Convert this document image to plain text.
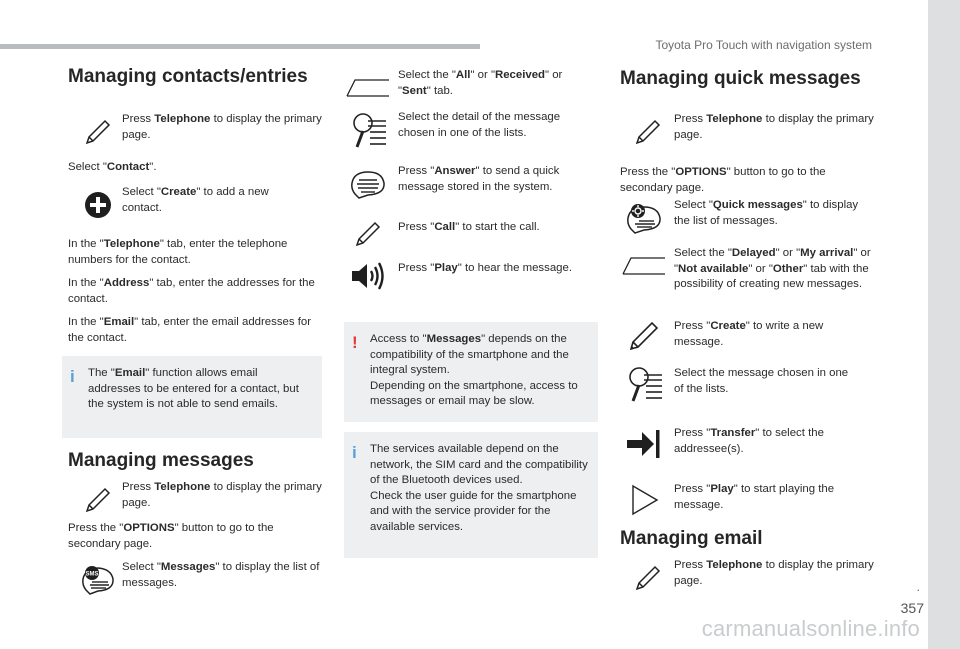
Toyota Pro Touch with navigation system
.
357
carmanualsonline.info
Managing contacts/entries
Press Telephone to display the primary page.

Select "Contact".

Select "Create" to add a new contact.

In the "Telephone" tab, enter the telephone numbers for the contact.

In the "Address" tab, enter the addresses for the contact.

In the "Email" tab, enter the email addresses for the contact.

i The "Email" function allows email addresses to be entered for a contact, but the system is not able to send emails.
Managing messages
Press Telephone to display the primary page.

Press the "OPTIONS" button to go to the secondary page.

SMS
Select "Messages" to display the list of messages.
Select the "All" or "Received" or "Sent" tab.
Select the detail of the message chosen in one of the lists.
Press "Answer" to send a quick message stored in the system.
Press "Call" to start the call.
Press "Play" to hear the message.
! Access to "Messages" depends on the compatibility of the smartphone and the integral system.
Depending on the smartphone, access to messages or email may be slow.
i The services available depend on the network, the SIM card and the compatibility of the Bluetooth devices used.
Check the user guide for the smartphone and with the service provider for the available services.
Managing quick messages
Press Telephone to display the primary page.

Press the "OPTIONS" button to go to the secondary page.

Select "Quick messages" to display the list of messages.
Select the "Delayed" or "My arrival" or "Not available" or "Other" tab with the possibility of creating new messages.
Press "Create" to write a new message.
Select the message chosen in one of the lists.
Press "Transfer" to select the addressee(s).
Press "Play" to start playing the message.
Managing email
Press Telephone to display the primary page.
